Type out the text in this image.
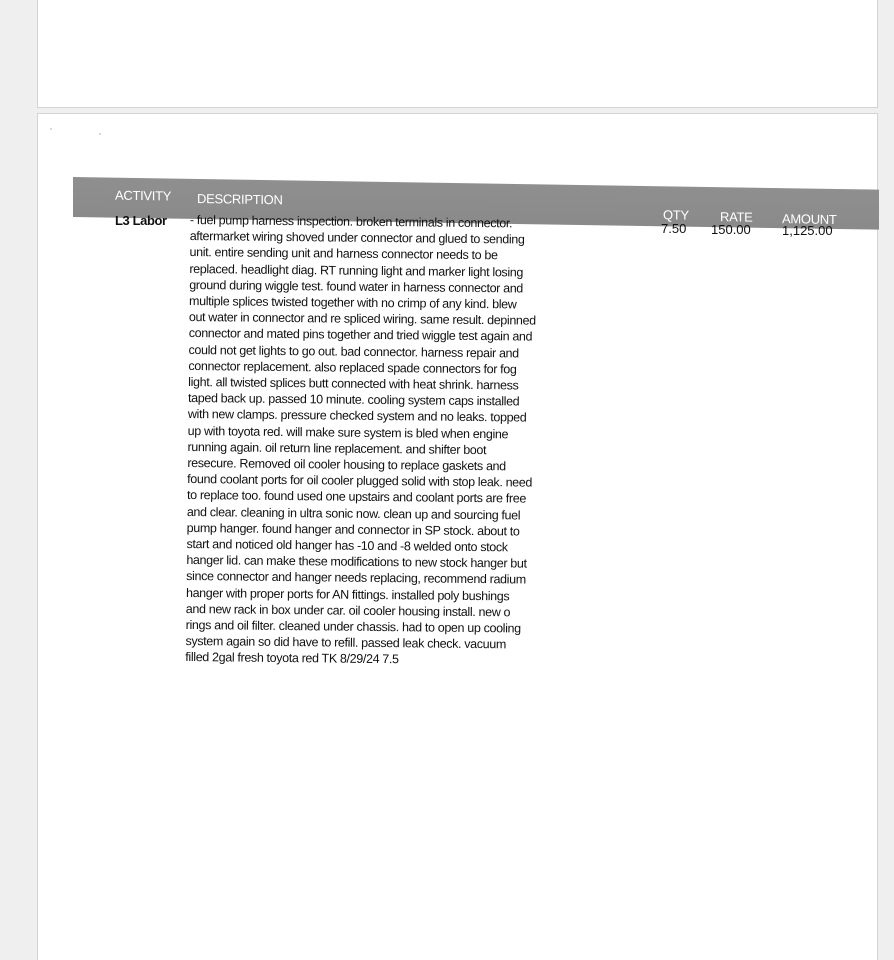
ACTIVITY DESCRIPTION
QTY RATE AMOUNT
L3 Labor - fuel pump harness inspection. broken terminals in connector.
aftermarket wiring shoved under connector and glued to sending
unit. entire sending unit and harness connector needs to be
replaced. headlight diag. RT running light and marker light losing
ground during wiggle test. found water in harness connector and
multiple splices twisted together with no crimp of any kind. blew
out water in connector and re spliced wiring. same result. depinned
connector and mated pins together and tried wiggle test again and
could not get lights to go out. bad connector. harness repair and
connector replacement. also replaced spade connectors for fog
light. all twisted splices butt connected with heat shrink. harness
taped back up. passed 10 minute. cooling system caps installed
with new clamps. pressure checked system and no leaks. topped
up with toyota red. will make sure system is bled when engine
running again. oil return line replacement. and shifter boot
resecure. Removed oil cooler housing to replace gaskets and
found coolant ports for oil cooler plugged solid with stop leak. need
to replace too. found used one upstairs and coolant ports are free
and clear. cleaning in ultra sonic now. clean up and sourcing fuel
pump hanger. found hanger and connector in SP stock. about to
start and noticed old hanger has -10 and -8 welded onto stock
hanger lid. can make these modifications to new stock hanger but
since connector and hanger needs replacing, recommend radium
hanger with proper ports for AN fittings. installed poly bushings
and new rack in box under car. oil cooler housing install. new o
rings and oil filter. cleaned under chassis. had to open up cooling
system again so did have to refill. passed leak check. vacuum
filled 2gal fresh toyota red TK 8/29/24 7.5
7.50 150.00 1,125.00
